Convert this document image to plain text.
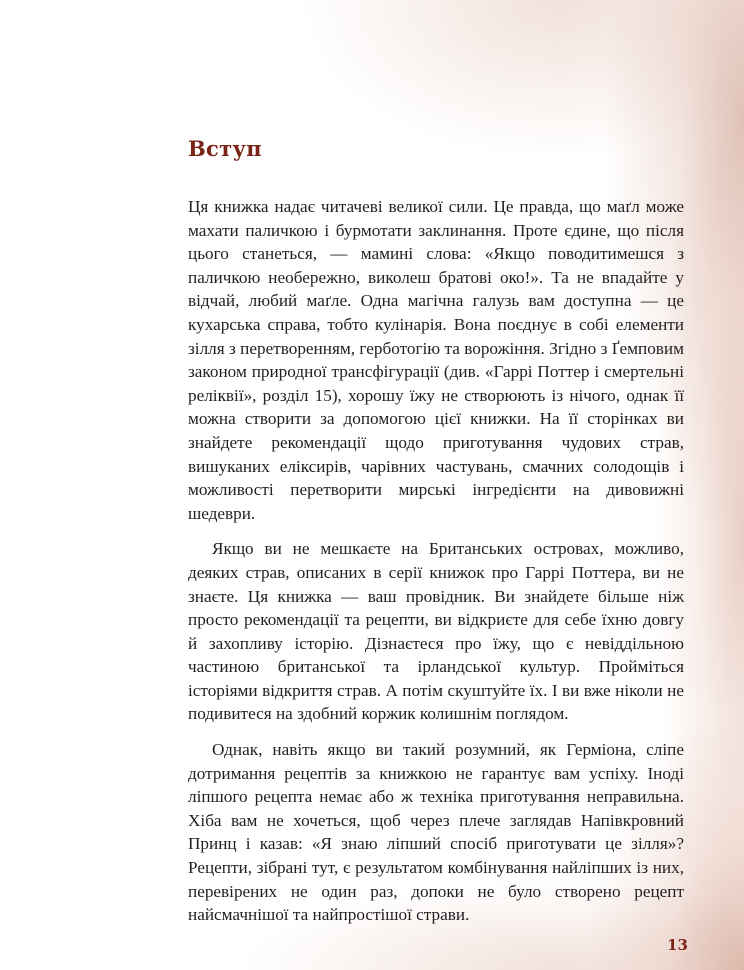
Вступ

Ця книжка надає читачеві великої сили. Це правда, що маґл може махати паличкою і бурмотати заклинання. Проте єдине, що після цього станеться, — мамині слова: «Якщо поводитимешся з паличкою необережно, виколеш братові око!». Та не впадайте у відчай, любий маґле. Одна магічна галузь вам доступна — це кухарська справа, тобто кулінарія. Вона поєднує в собі елементи зілля з перетворенням, герботогію та ворожіння. Згідно з Ґемповим законом природної трансфігурації (див. «Гаррі Поттер і смертельні реліквії», розділ 15), хорошу їжу не створюють із нічого, однак її можна створити за допомогою цієї книжки. На її сторінках ви знайдете рекомендації щодо приготування чудових страв, вишуканих еліксирів, чарівних частувань, смачних солодощів і можливості перетворити мирські інгредієнти на дивовижні шедеври.

Якщо ви не мешкаєте на Британських островах, можливо, деяких страв, описаних в серії книжок про Гаррі Поттера, ви не знаєте. Ця книжка — ваш провідник. Ви знайдете більше ніж просто рекомендації та рецепти, ви відкриєте для себе їхню довгу й захопливу історію. Дізнаєтеся про їжу, що є невіддільною частиною британської та ірландської культур. Пройміться історіями відкриття страв. А потім скуштуйте їх. І ви вже ніколи не подивитеся на здобний коржик колишнім поглядом.

Однак, навіть якщо ви такий розумний, як Герміона, сліпе дотримання рецептів за книжкою не гарантує вам успіху. Іноді ліпшого рецепта немає або ж техніка приготування неправильна. Хіба вам не хочеться, щоб через плече заглядав Напівкровний Принц і казав: «Я знаю ліпший спосіб приготувати це зілля»? Рецепти, зібрані тут, є результатом комбінування найліпших із них, перевірених не один раз, допоки не було створено рецепт найсмачнішої та найпростішої страви.

13
